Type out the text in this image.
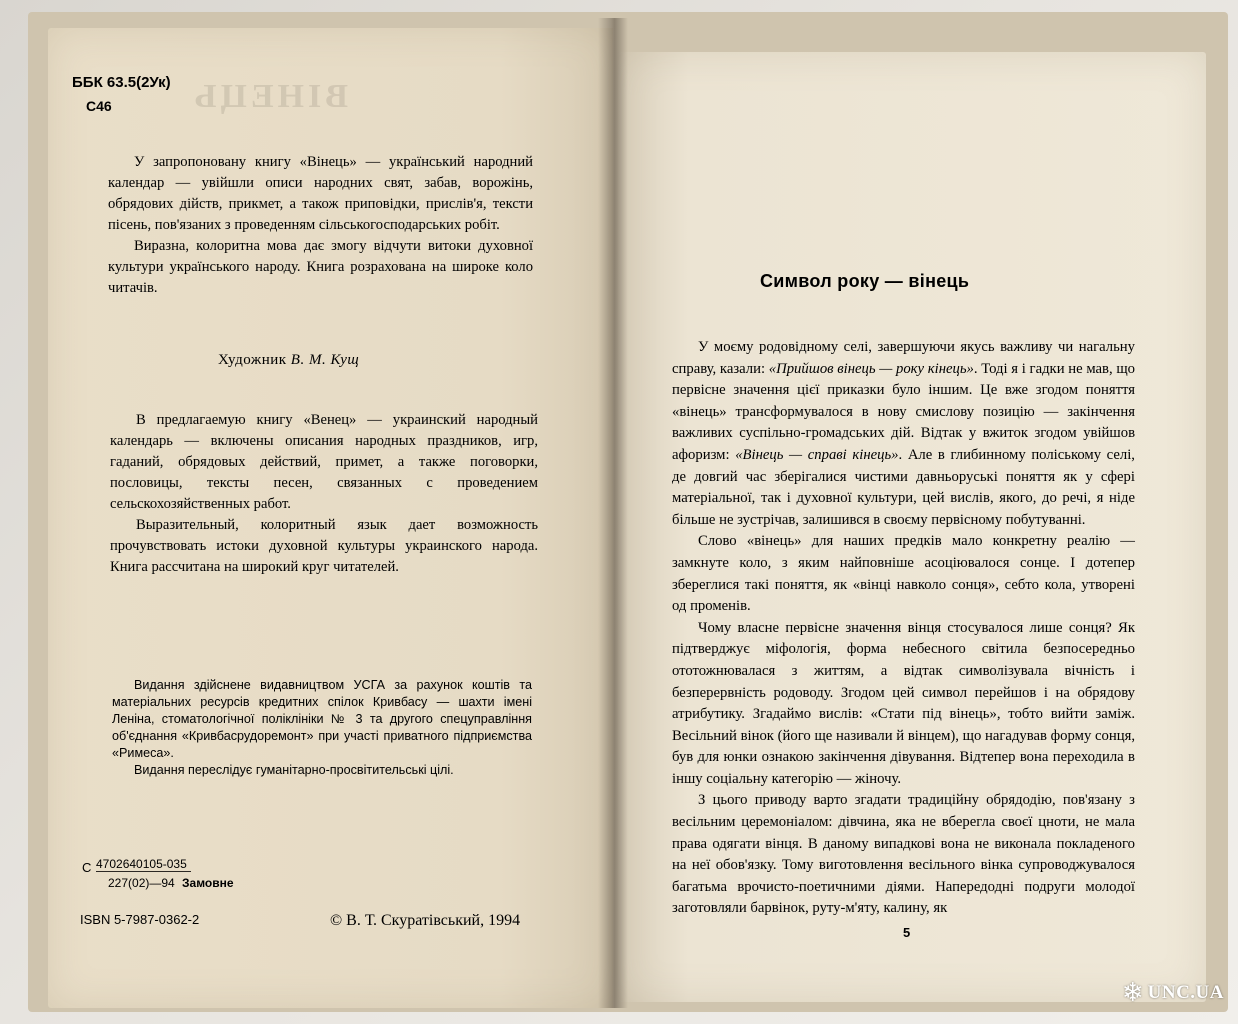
ВІНЕЦЬ
ББК 63.5(2Ук)
С46

У запропоновану книгу «Вінець» — український народний календар — увійшли описи народних свят, забав, ворожінь, обрядових дійств, прикмет, а також приповідки, прислів'я, тексти пісень, пов'язаних з проведенням сільськогосподарських робіт.

Виразна, колоритна мова дає змогу відчути витоки духовної культури українського народу. Книга розрахована на широке коло читачів.

Художник В. М. Кущ

В предлагаемую книгу «Венец» — украинский народный календарь — включены описания народных праздников, игр, гаданий, обрядовых действий, примет, а также поговорки, пословицы, тексты песен, связанных с проведением сельскохозяйственных работ.

Выразительный, колоритный язык дает возможность прочувствовать истоки духовной культуры украинского народа. Книга рассчитана на широкий круг читателей.

Видання здійснене видавництвом УСГА за рахунок коштів та матеріальних ресурсів кредитних спілок Кривбасу — шахти імені Леніна, стоматологічної поліклініки № 3 та другого спецуправління об'єднання «Кривбасрудоремонт» при участі приватного підприємства «Римеса».

Видання переслідує гуманітарно-просвітительські цілі.

С 4702640105-035
227(02)—94 Замовне
ISBN 5-7987-0362-2	© В. Т. Скуратівський, 1994
Символ року — вінець

У моєму родовідному селі, завершуючи якусь важливу чи нагальну справу, казали: «Прийшов вінець — року кінець». Тоді я і гадки не мав, що первісне значення цієї приказки було іншим. Це вже згодом поняття «вінець» трансформувалося в нову смислову позицію — закінчення важливих суспільно-громадських дій. Відтак у вжиток згодом увійшов афоризм: «Вінець — справі кінець». Але в глибинному поліському селі, де довгий час зберігалися чистими давньоруські поняття як у сфері матеріальної, так і духовної культури, цей вислів, якого, до речі, я ніде більше не зустрічав, залишився в своєму первісному побутуванні.

Слово «вінець» для наших предків мало конкретну реалію — замкнуте коло, з яким найповніше асоціювалося сонце. І дотепер збереглися такі поняття, як «вінці навколо сонця», себто кола, утворені од променів.

Чому власне первісне значення вінця стосувалося лише сонця? Як підтверджує міфологія, форма небесного світила безпосередньо ототожнювалася з життям, а відтак символізувала вічність і безперервність родоводу. Згодом цей символ перейшов і на обрядову атрибутику. Згадаймо вислів: «Стати під вінець», тобто вийти заміж. Весільний вінок (його ще називали й вінцем), що нагадував форму сонця, був для юнки ознакою закінчення дівування. Відтепер вона переходила в іншу соціальну категорію — жіночу.

З цього приводу варто згадати традиційну обрядодію, пов'язану з весільним церемоніалом: дівчина, яка не вберегла своєї цноти, не мала права одягати вінця. В даному випадкові вона не виконала покладеного на неї обов'язку. Тому виготовлення весільного вінка супроводжувалося багатьма врочисто-поетичними діями. Напередодні подруги молодої заготовляли барвінок, руту-м'яту, калину, як

5
❄ UNC.UA
